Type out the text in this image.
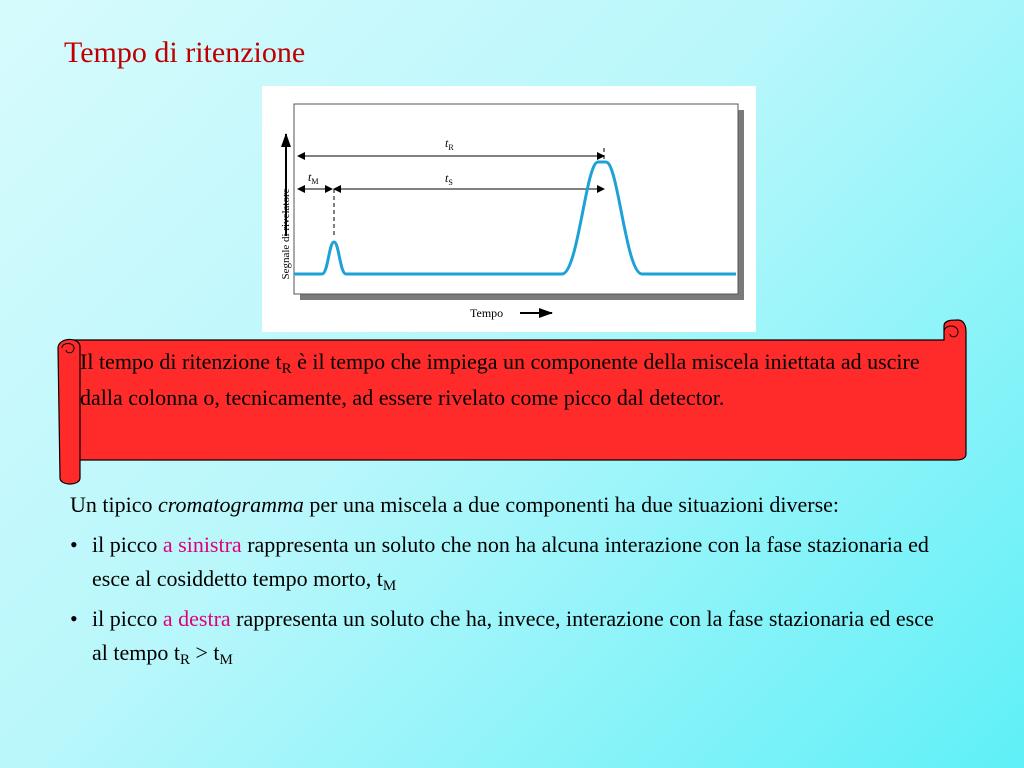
Tempo di ritenzione
Segnale di rivelatore
Tempo
$t_R$
$t_M$	$t_S$
Il tempo di ritenzione $t_R$ è il tempo che impiega un componente della miscela iniettata ad uscire dalla colonna o, tecnicamente, ad essere rivelato come picco dal detector.

Un tipico cromatogramma per una miscela a due componenti ha due situazioni diverse:

• il picco a sinistra rappresenta un soluto che non ha alcuna interazione con la fase stazionaria ed esce al cosiddetto tempo morto, $t_M$

• il picco a destra rappresenta un soluto che ha, invece, interazione con la fase stazionaria ed esce al tempo $t_R > t_M$
